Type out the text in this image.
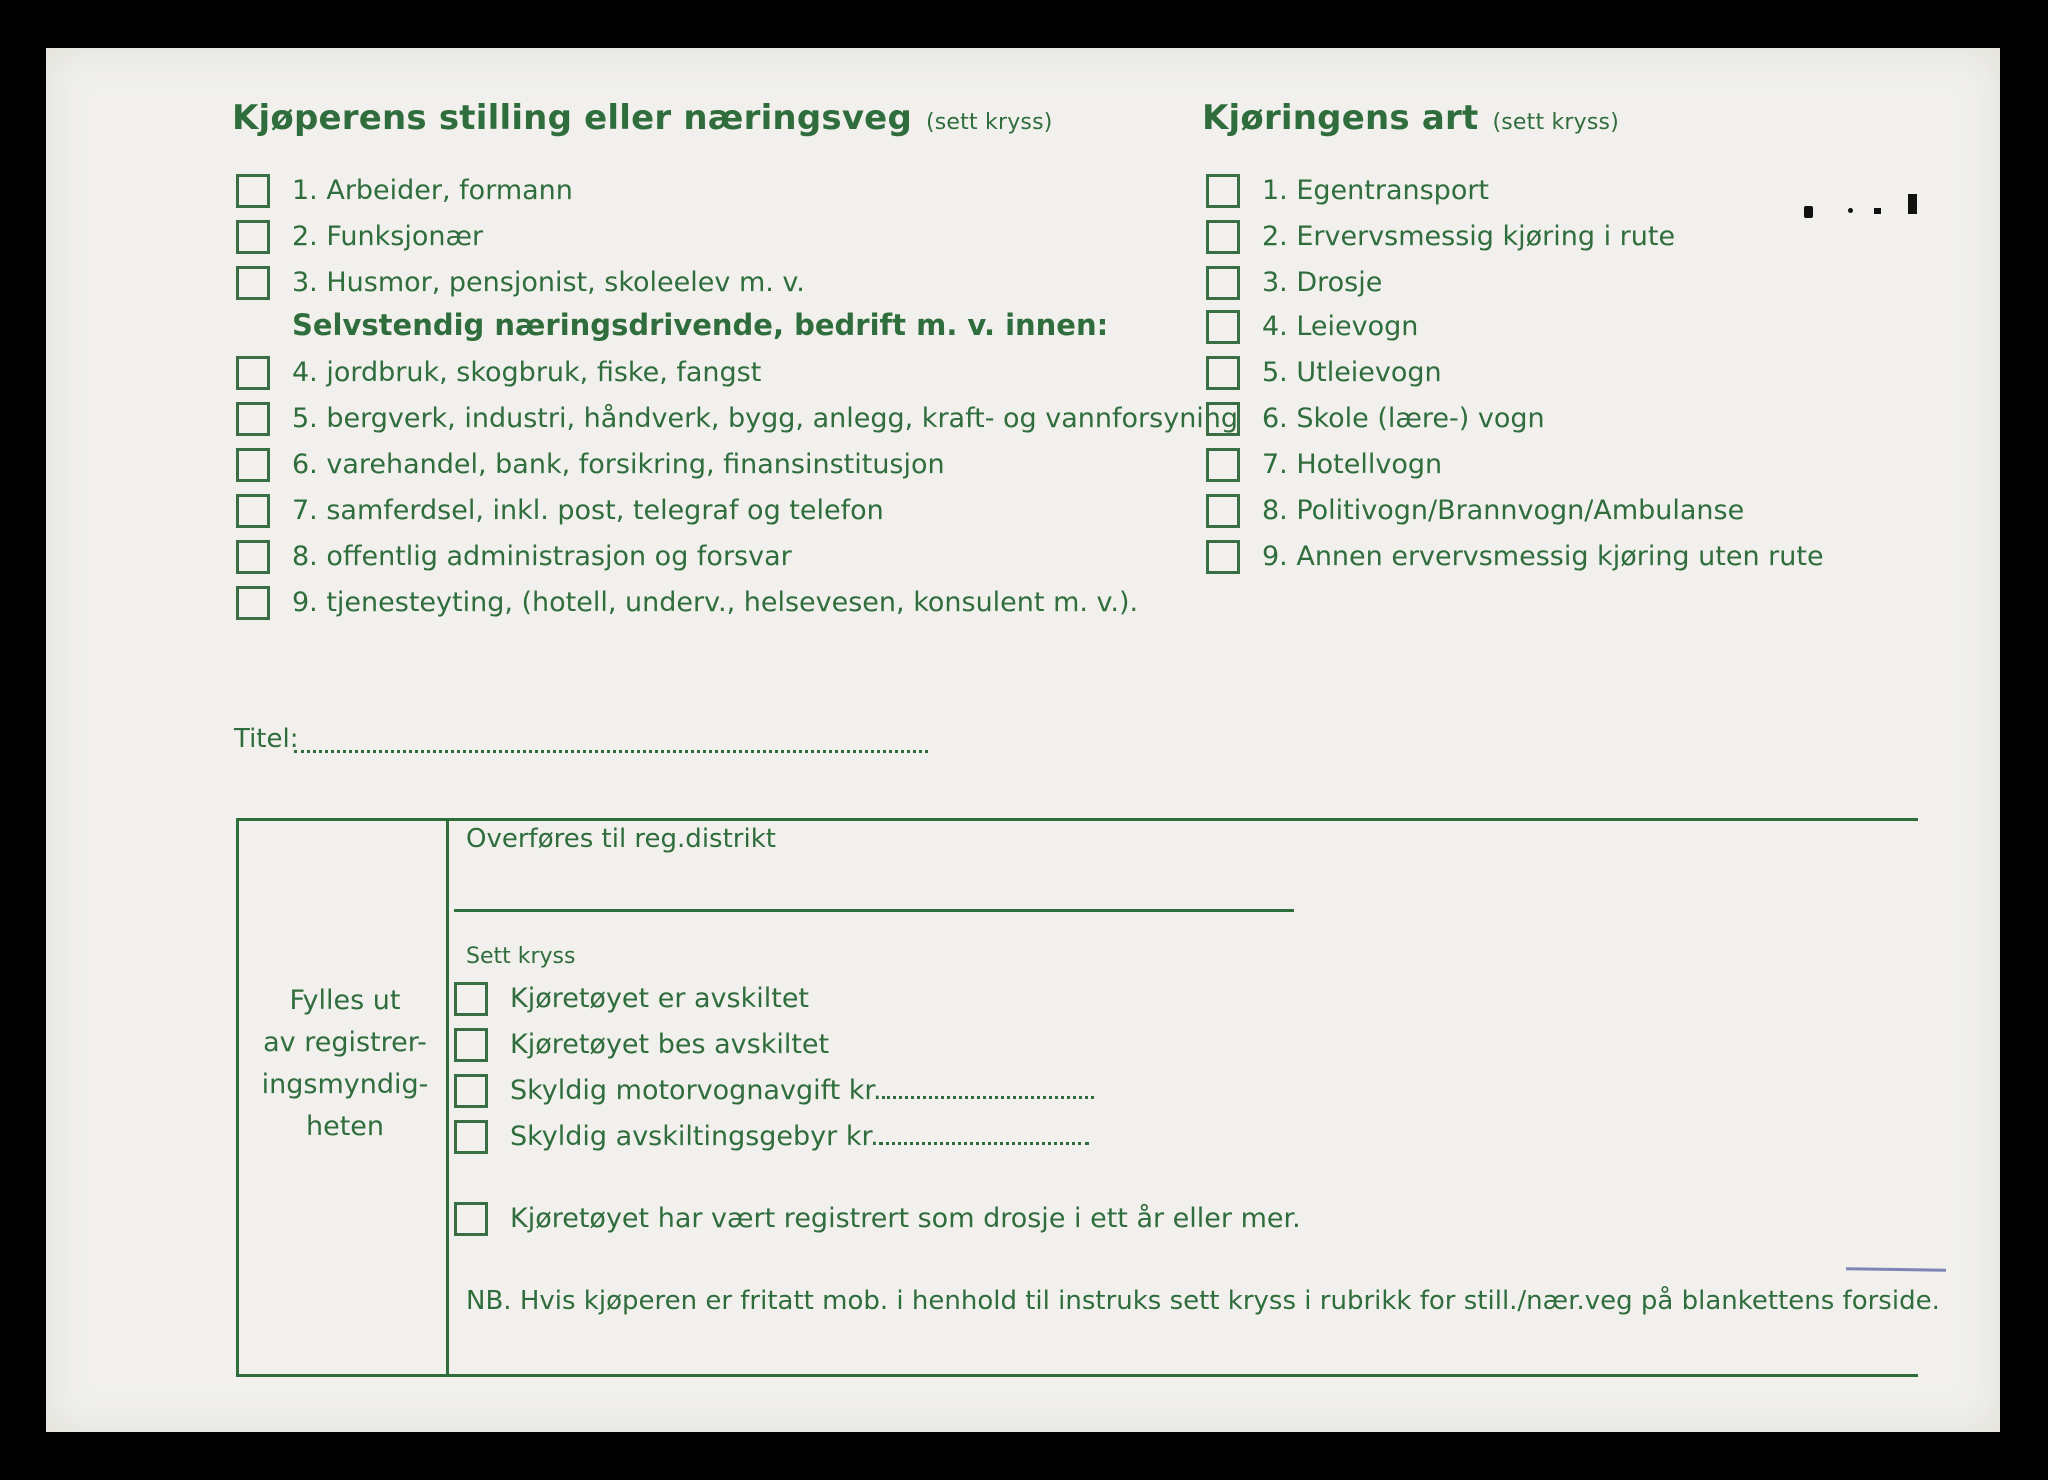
Kjøperens stilling eller næringsveg (sett kryss)	Kjøringens art (sett kryss)
1. Arbeider, formann
2. Funksjonær
3. Husmor, pensjonist, skoleelev m. v.
Selvstendig næringsdrivende, bedrift m. v. innen:
4. jordbruk, skogbruk, fiske, fangst
5. bergverk, industri, håndverk, bygg, anlegg, kraft- og vannforsyning
6. varehandel, bank, forsikring, finansinstitusjon
7. samferdsel, inkl. post, telegraf og telefon
8. offentlig administrasjon og forsvar
9. tjenesteyting, (hotell, underv., helsevesen, konsulent m. v.).
1. Egentransport
2. Ervervsmessig kjøring i rute
3. Drosje
4. Leievogn
5. Utleievogn
6. Skole (lære-) vogn
7. Hotellvogn
8. Politivogn/Brannvogn/Ambulanse
9. Annen ervervsmessig kjøring uten rute
Titel:
Fylles ut
av registrer-
ingsmyndig-
heten
Overføres til reg.distrikt
Sett kryss
Kjøretøyet er avskiltet
Kjøretøyet bes avskiltet
Skyldig motorvognavgift kr.
Skyldig avskiltingsgebyr kr.
Kjøretøyet har vært registrert som drosje i ett år eller mer.
NB. Hvis kjøperen er fritatt mob. i henhold til instruks sett kryss i rubrikk for still./nær.veg på blankettens forside.
